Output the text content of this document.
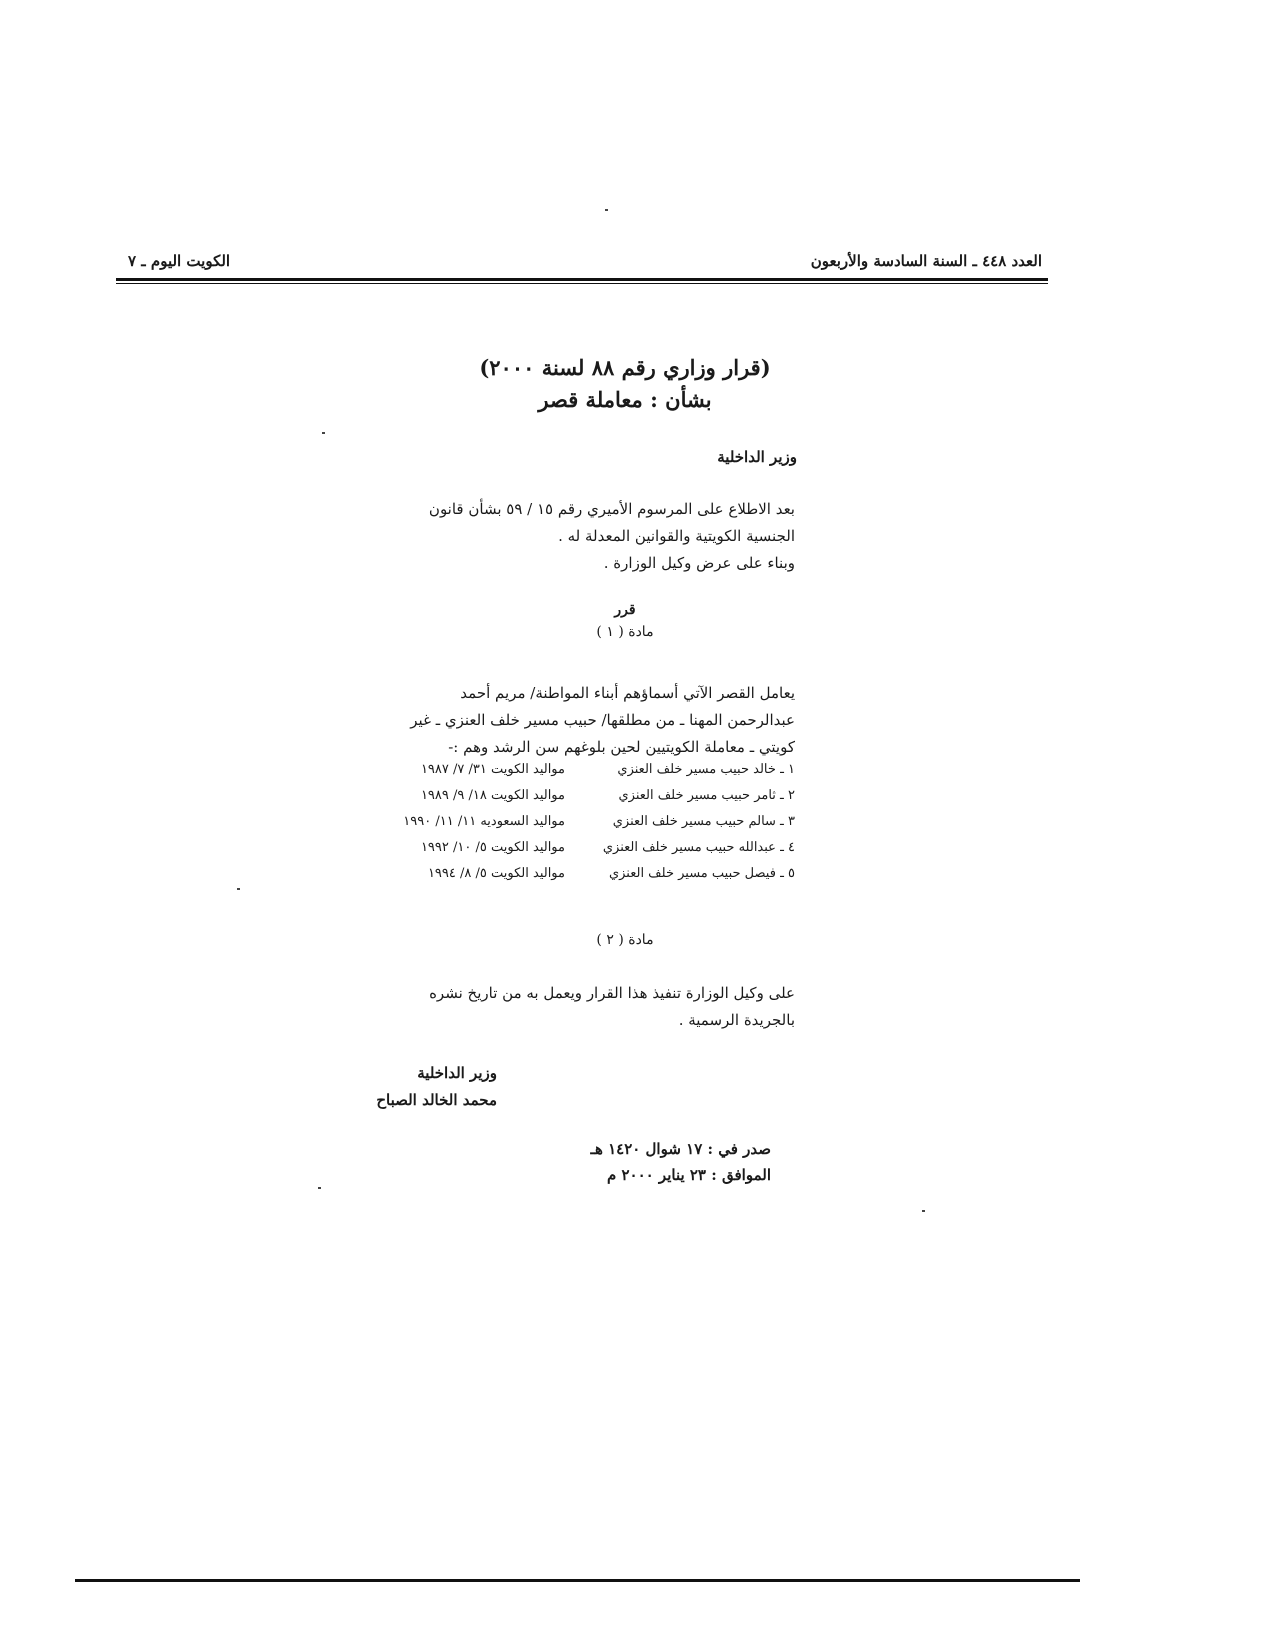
العدد ٤٤٨ ـ السنة السادسة والأربعون
الكويت اليوم ـ ٧
(قرار وزاري رقم ٨٨ لسنة ٢٠٠٠)
بشأن : معاملة قصر
وزير الداخلية
بعد الاطلاع على المرسوم الأميري رقم ١٥ / ٥٩ بشأن قانون
الجنسية الكويتية والقوانين المعدلة له .
وبناء على عرض وكيل الوزارة .
قرر
مادة ( ١ )
يعامل القصر الآتي أسماؤهم أبناء المواطنة/ مريم أحمد
عبدالرحمن المهنا ـ من مطلقها/ حبيب مسير خلف العنزي ـ غير
كويتي ـ معاملة الكويتيين لحين بلوغهم سن الرشد وهم :-
١ ـ خالد حبيب مسير خلف العنزي
مواليد الكويت ٣١/ ٧/ ١٩٨٧
٢ ـ ثامر حبيب مسير خلف العنزي
مواليد الكويت ١٨/ ٩/ ١٩٨٩
٣ ـ سالم حبيب مسير خلف العنزي
مواليد السعوديه ١١/ ١١/ ١٩٩٠
٤ ـ عبدالله حبيب مسير خلف العنزي
مواليد الكويت ٥/ ١٠/ ١٩٩٢
٥ ـ فيصل حبيب مسير خلف العنزي
مواليد الكويت ٥/ ٨/ ١٩٩٤
مادة ( ٢ )
على وكيل الوزارة تنفيذ هذا القرار ويعمل به من تاريخ نشره
بالجريدة الرسمية .
وزير الداخلية
محمد الخالد الصباح
صدر في : ١٧ شوال ١٤٢٠ هـ
الموافق : ٢٣ يناير ٢٠٠٠ م
